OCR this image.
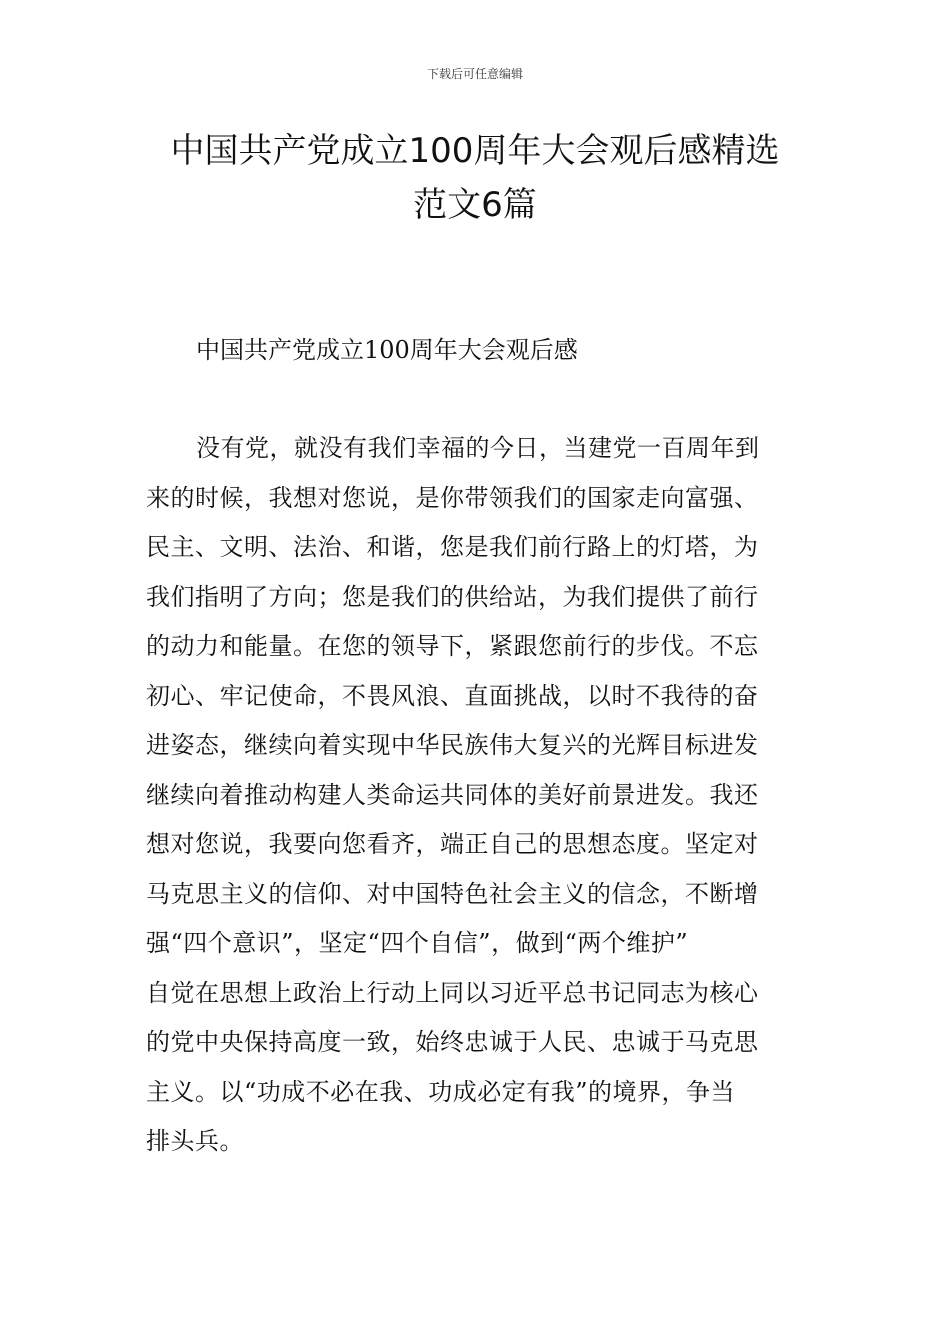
下载后可任意编辑
中国共产党成立100周年大会观后感精选
范文6篇
中国共产党成立100周年大会观后感
没有党，就没有我们幸福的今日，当建党一百周年到
来的时候，我想对您说，是你带领我们的国家走向富强、
民主、文明、法治、和谐，您是我们前行路上的灯塔，为
我们指明了方向；您是我们的供给站，为我们提供了前行
的动力和能量。在您的领导下，紧跟您前行的步伐。不忘
初心、牢记使命，不畏风浪、直面挑战，以时不我待的奋
进姿态，继续向着实现中华民族伟大复兴的光辉目标进发
继续向着推动构建人类命运共同体的美好前景进发。我还
想对您说，我要向您看齐，端正自己的思想态度。坚定对
马克思主义的信仰、对中国特色社会主义的信念，不断增
强“四个意识”，坚定“四个自信”，做到“两个维护”
自觉在思想上政治上行动上同以习近平总书记同志为核心
的党中央保持高度一致，始终忠诚于人民、忠诚于马克思
主义。以“功成不必在我、功成必定有我”的境界，争当
排头兵。
